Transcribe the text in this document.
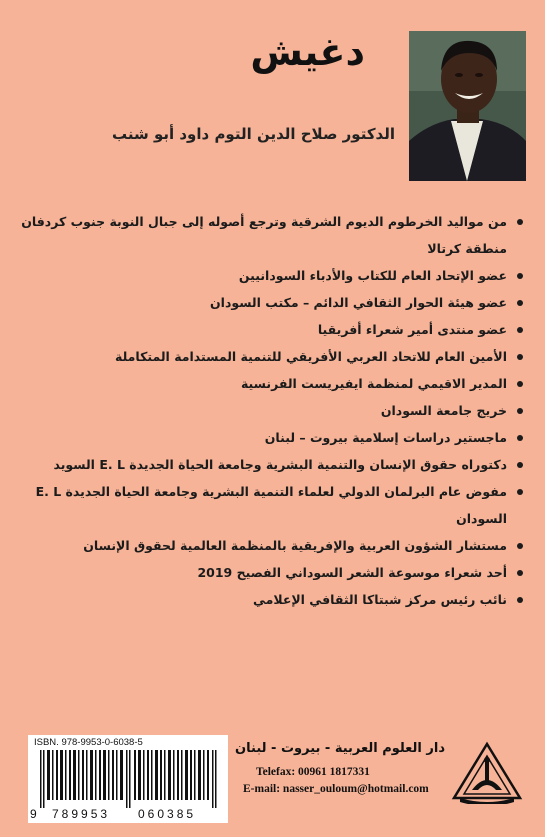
دغيش
الدكتور صلاح الدين التوم داود أبو شنب
من مواليد الخرطوم الديوم الشرقية وترجع أصوله إلى جبال النوبة جنوب كردفان منطقة كرتالا
عضو الإتحاد العام للكتاب والأدباء السودانيين
عضو هيئة الحوار الثقافي الدائم – مكتب السودان
عضو منتدى أمير شعراء أفريقيا
الأمين العام للاتحاد العربي الأفريقي للتنمية المستدامة المتكاملة
المدير الاقيمي لمنظمة ايفيريست الفرنسية
خريج جامعة السودان
ماجستير دراسات إسلامية بيروت – لبنان
دكتوراه حقوق الإنسان والتنمية البشرية وجامعة الحياة الجديدة E. L السويد
مفوض عام البرلمان الدولي لعلماء التنمية البشرية وجامعة الحياة الجديدة E. L السودان
مستشار الشؤون العربية والإفريقية بالمنظمة العالمية لحقوق الإنسان
أحد شعراء موسوعة الشعر السوداني الفصيح 2019
نائب رئيس مركز شبتاكا الثقافي الإعلامي
ISBN. 978-9953-0-6038-5
9 789953 060385
دار العلوم العربية - بيروت - لبنان
Telefax: 00961 1817331
E-mail: nasser_ouloum@hotmail.com
